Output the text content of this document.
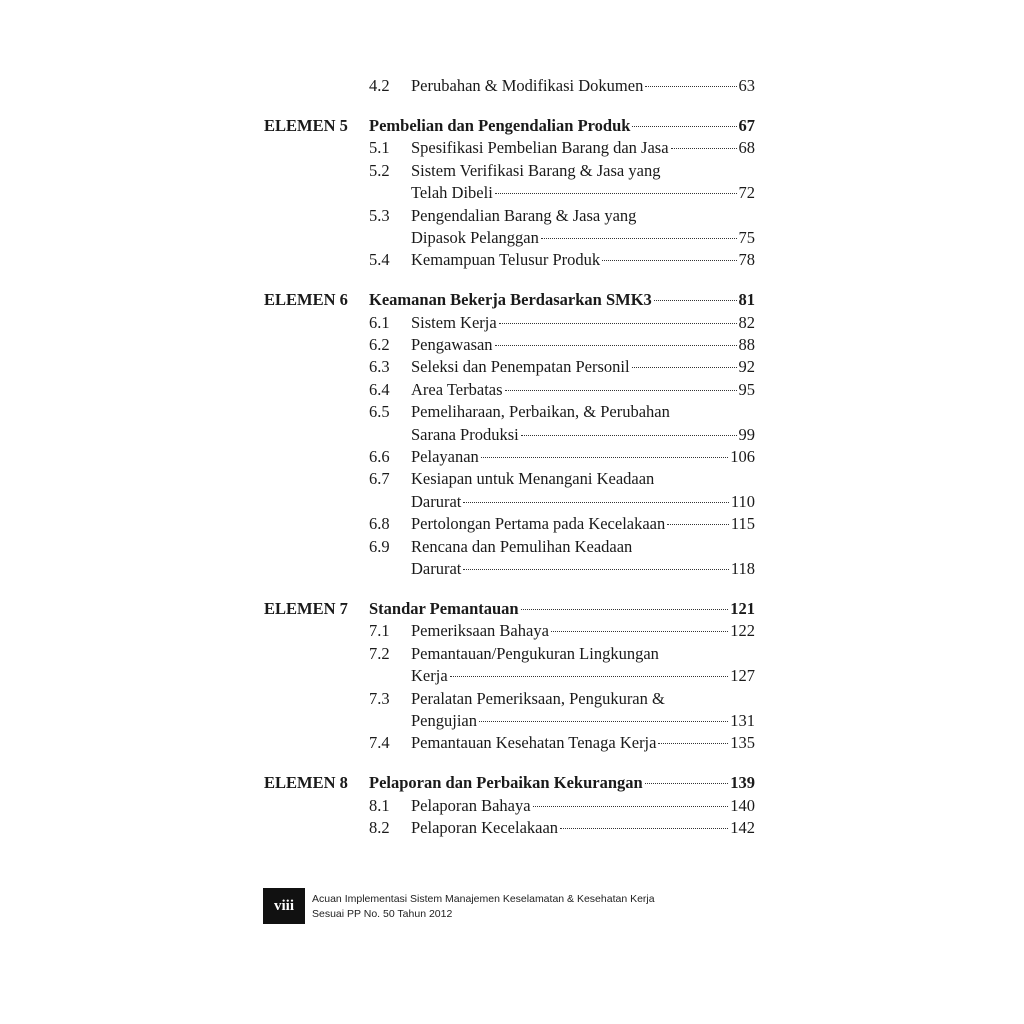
4.2 Perubahan & Modifikasi Dokumen	63
ELEMEN 5 Pembelian dan Pengendalian Produk	67
5.1 Spesifikasi Pembelian Barang dan Jasa	68
5.2 Sistem Verifikasi Barang & Jasa yang
Telah Dibeli	72
5.3 Pengendalian Barang & Jasa yang
Dipasok Pelanggan	75
5.4 Kemampuan Telusur Produk	78
ELEMEN 6 Keamanan Bekerja Berdasarkan SMK3	81
6.1 Sistem Kerja	82
6.2 Pengawasan	88
6.3 Seleksi dan Penempatan Personil	92
6.4 Area Terbatas	95
6.5 Pemeliharaan, Perbaikan, & Perubahan
Sarana Produksi	99
6.6 Pelayanan	106
6.7 Kesiapan untuk Menangani Keadaan
Darurat	110
6.8 Pertolongan Pertama pada Kecelakaan	115
6.9 Rencana dan Pemulihan Keadaan
Darurat	118
ELEMEN 7 Standar Pemantauan	121
7.1 Pemeriksaan Bahaya	122
7.2 Pemantauan/Pengukuran Lingkungan
Kerja	127
7.3 Peralatan Pemeriksaan, Pengukuran &
Pengujian	131
7.4 Pemantauan Kesehatan Tenaga Kerja	135
ELEMEN 8 Pelaporan dan Perbaikan Kekurangan	139
8.1 Pelaporan Bahaya	140
8.2 Pelaporan Kecelakaan	142
viii	Acuan Implementasi Sistem Manajemen Keselamatan & Kesehatan Kerja
Sesuai PP No. 50 Tahun 2012
